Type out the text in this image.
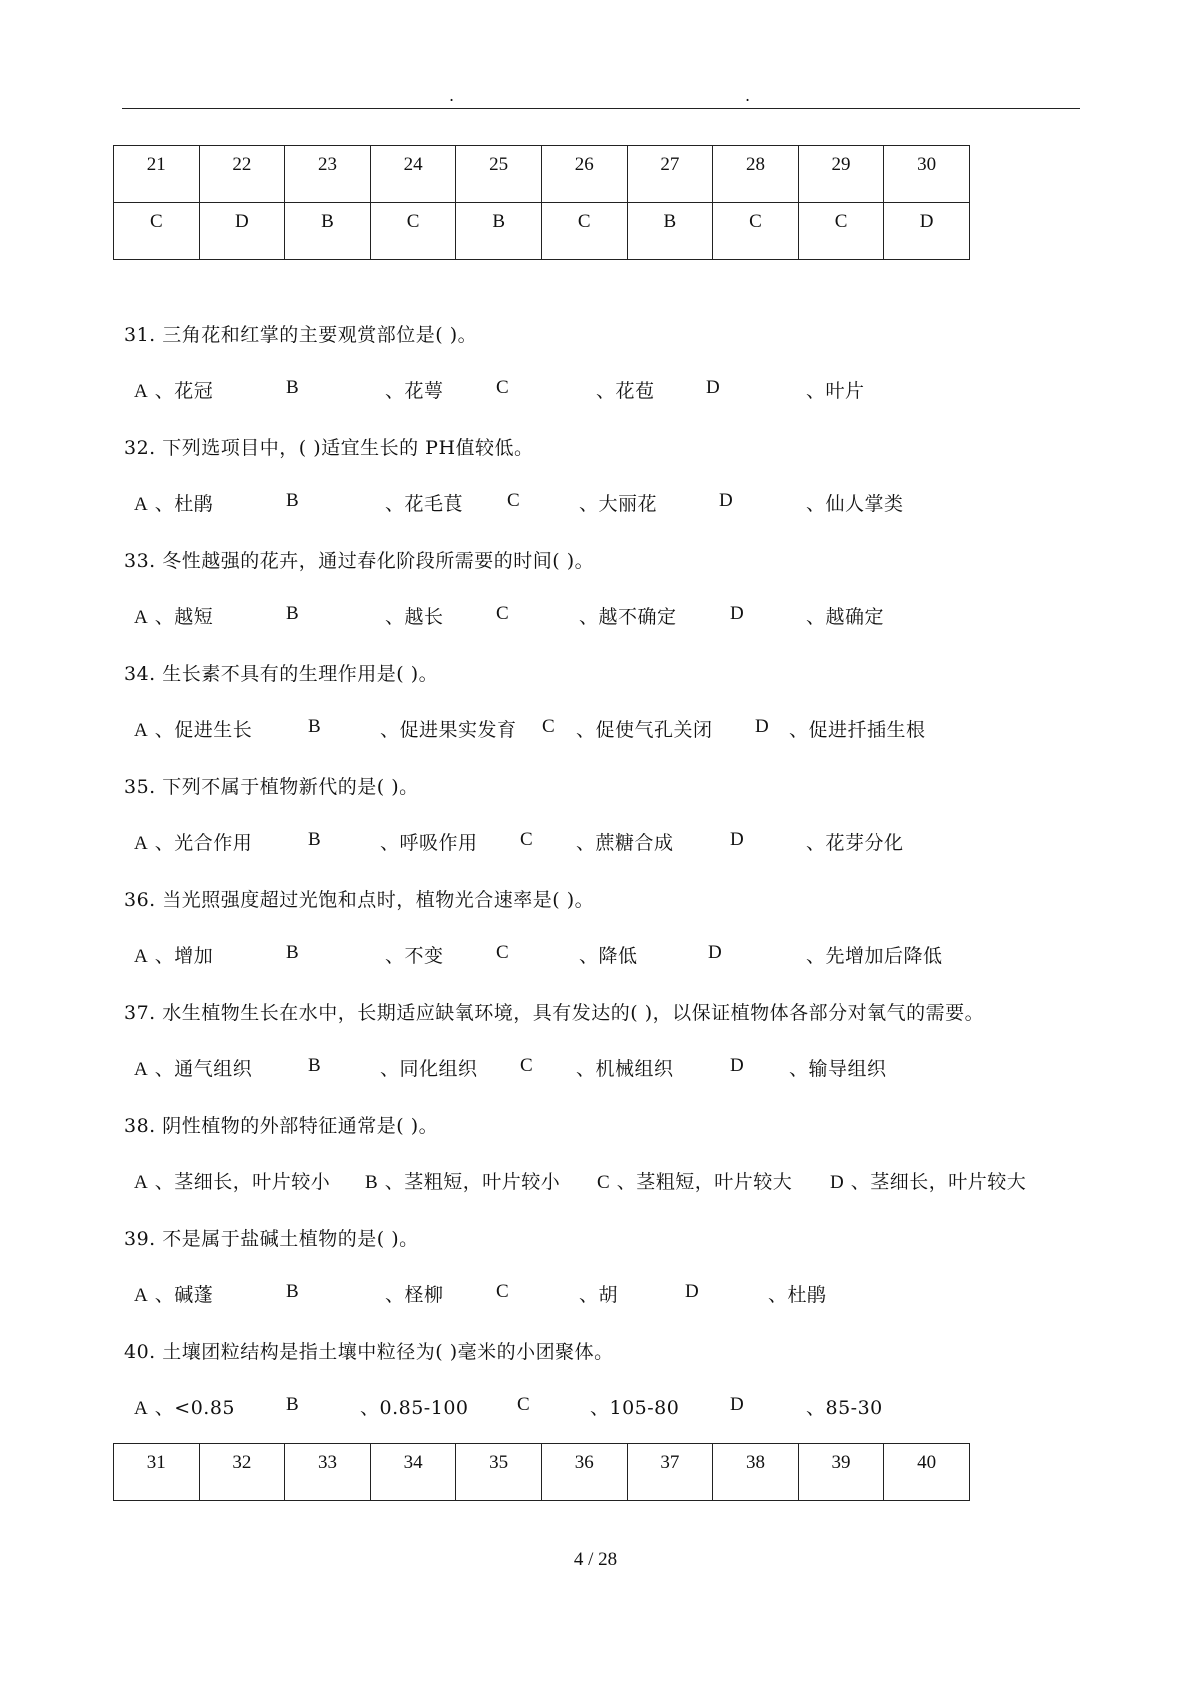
.	.
21	22	23	24	25	26	27	28	29	30
C	D	B	C	B	C	B	C	C	D
31. 三角花和红掌的主要观赏部位是( )。
A 、花冠	B	、花萼	C	、花苞	D	、叶片
32. 下列选项目中，( )适宜生长的 PH值较低。
A 、杜鹃	B	、花毛茛 C	、大丽花	D	、仙人掌类
33. 冬性越强的花卉，通过春化阶段所需要的时间( )。
A 、越短	B	、越长	C	、越不确定	D	、越确定
34. 生长素不具有的生理作用是( )。
A 、促进生长	B	、促进果实发育 C 、促使气孔关闭 D 、促进扦插生根
35. 下列不属于植物新代的是( )。
A 、光合作用	B	、呼吸作用 C 、蔗糖合成	D	、花芽分化
36. 当光照强度超过光饱和点时，植物光合速率是( )。
A 、增加	B	、不变	C	、降低	D	、先增加后降低
37. 水生植物生长在水中，长期适应缺氧环境，具有发达的( )，以保证植物体各部分对氧气的需要。
A 、通气组织	B	、同化组织 C 、机械组织	D 、输导组织
38. 阴性植物的外部特征通常是( )。
A 、茎细长，叶片较小 B 、茎粗短，叶片较小 C 、茎粗短，叶片较大 D 、茎细长，叶片较大
39. 不是属于盐碱土植物的是( )。
A 、碱蓬	B	、柽柳	C	、胡	D	、杜鹃
40. 土壤团粒结构是指土壤中粒径为( )毫米的小团聚体。
A 、<0.85	B	、0.85-100	C	、105-80	D	、85-30
31	32	33	34	35	36	37	38	39	40
4 / 28
